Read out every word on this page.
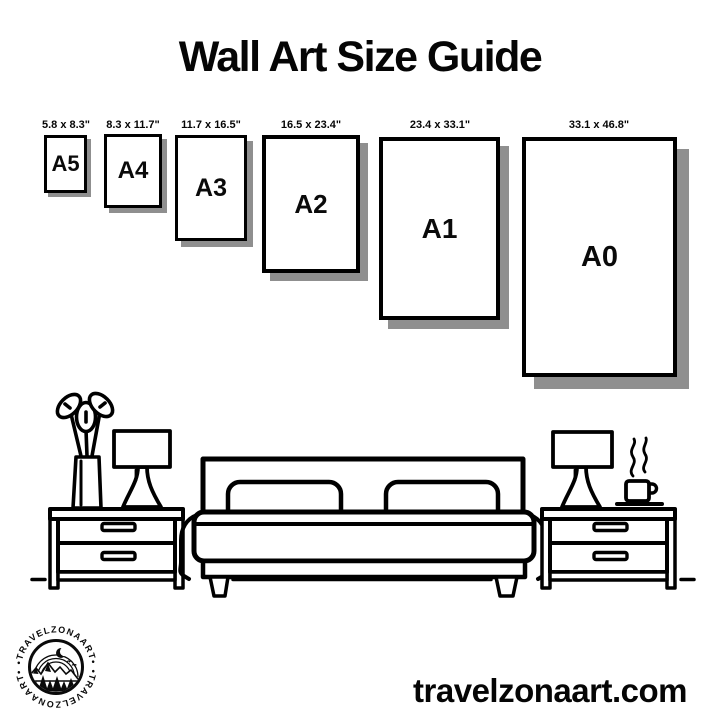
Wall Art Size Guide
5.8 x 8.3"	8.3 x 11.7"	11.7 x 16.5"	16.5 x 23.4"	23.4 x 33.1"	33.1 x 46.8"
A5 A4
A3
A2
A1
A0
•TRAVELZONAART•
•TRAVELZONAART•
travelzonaart.com
